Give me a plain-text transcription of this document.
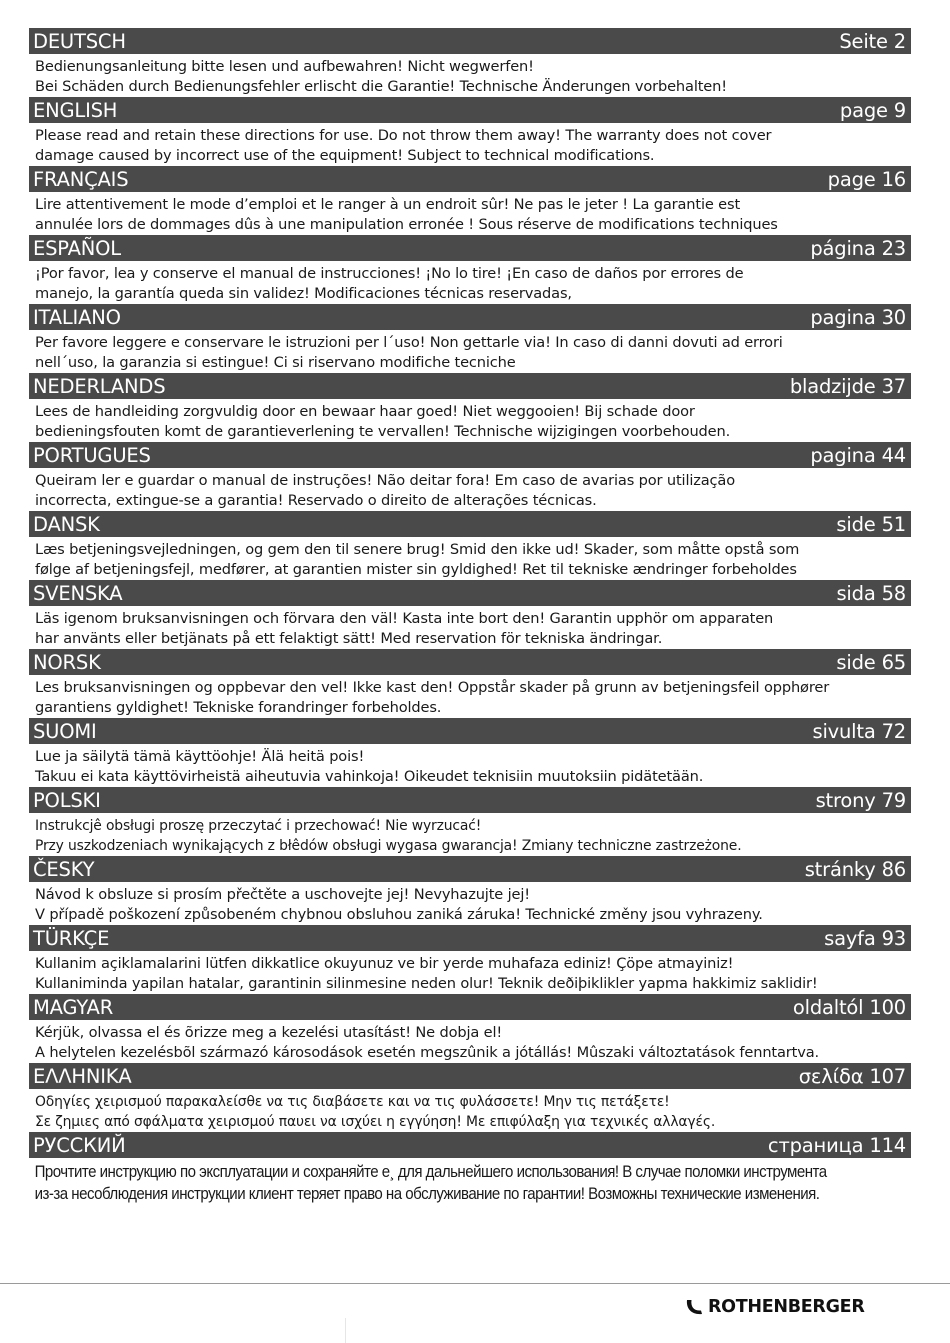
DEUTSCH	Seite 2
Bedienungsanleitung bitte lesen und aufbewahren! Nicht wegwerfen!
Bei Schäden durch Bedienungsfehler erlischt die Garantie! Technische Änderungen vorbehalten!
ENGLISH	page 9
Please read and retain these directions for use. Do not throw them away! The warranty does not cover
damage caused by incorrect use of the equipment! Subject to technical modifications.
FRANÇAIS	page 16
Lire attentivement le mode d’emploi et le ranger à un endroit sûr! Ne pas le jeter ! La garantie est
annulée lors de dommages dûs à une manipulation erronée ! Sous réserve de modifications techniques
ESPAÑOL	página 23
¡Por favor, lea y conserve el manual de instrucciones! ¡No lo tire! ¡En caso de daños por errores de
manejo, la garantía queda sin validez! Modificaciones técnicas reservadas,
ITALIANO	pagina 30
Per favore leggere e conservare le istruzioni per l´uso! Non gettarle via! In caso di danni dovuti ad errori
nell´uso, la garanzia si estingue! Ci si riservano modifiche tecniche
NEDERLANDS	bladzijde 37
Lees de handleiding zorgvuldig door en bewaar haar goed! Niet weggooien! Bij schade door
bedieningsfouten komt de garantieverlening te vervallen! Technische wijzigingen voorbehouden.
PORTUGUES	pagina 44
Queiram ler e guardar o manual de instruções! Não deitar fora! Em caso de avarias por utilização
incorrecta, extingue-se a garantia! Reservado o direito de alterações técnicas.
DANSK	side 51
Læs betjeningsvejledningen, og gem den til senere brug! Smid den ikke ud! Skader, som måtte opstå som
følge af betjeningsfejl, medfører, at garantien mister sin gyldighed! Ret til tekniske ændringer forbeholdes
SVENSKA	sida 58
Läs igenom bruksanvisningen och förvara den väl! Kasta inte bort den! Garantin upphör om apparaten
har använts eller betjänats på ett felaktigt sätt! Med reservation för tekniska ändringar.
NORSK	side 65
Les bruksanvisningen og oppbevar den vel! Ikke kast den! Oppstår skader på grunn av betjeningsfeil opphører
garantiens gyldighet! Tekniske forandringer forbeholdes.
SUOMI	sivulta 72
Lue ja säilytä tämä käyttöohje! Älä heitä pois!
Takuu ei kata käyttövirheistä aiheutuvia vahinkoja! Oikeudet teknisiin muutoksiin pidätetään.
POLSKI	strony 79
Instrukcjê obsługi proszę przeczytać i przechować! Nie wyrzucać!
Przy uszkodzeniach wynikających z błêdów obsługi wygasa gwarancja! Zmiany techniczne zastrzeżone.
ČESKY	stránky 86
Návod k obsluze si prosím přečtěte a uschovejte jej! Nevyhazujte jej!
V případě poškození způsobeném chybnou obsluhou zaniká záruka! Technické změny jsou vyhrazeny.
TÜRKÇE	sayfa 93
Kullanim açiklamalarini lütfen dikkatlice okuyunuz ve bir yerde muhafaza ediniz! Çöpe atmayiniz!
Kullaniminda yapilan hatalar, garantinin silinmesine neden olur! Teknik deðiþiklikler yapma hakkimiz saklidir!
MAGYAR	oldaltól 100
Kérjük, olvassa el és õrizze meg a kezelési utasítást! Ne dobja el!
A helytelen kezelésbõl származó károsodások esetén megszûnik a jótállás! Mûszaki változtatások fenntartva.
ΕΛΛΗΝΙΚΑ	σελίδα 107
Οδηγίες χειρισμού παρακαλείσθε να τις διαβάσετε και να τις φυλάσσετε! Μην τις πετάξετε!
Σε ζημιες από σφάλματα χειρισμού παυει να ισχύει η εγγύηση! Με επιφύλαξη για τεχνικές αλλαγές.
РУССКИЙ	страница 114
Прочтите инструкцию по эксплуатации и сохраняйте е¸ для дальнейшего использования! В случае поломки инструмента
из-за несоблюдения инструкции клиент теряет право на обслуживание по гарантии! Возможны технические изменения.
ROTHENBERGER
